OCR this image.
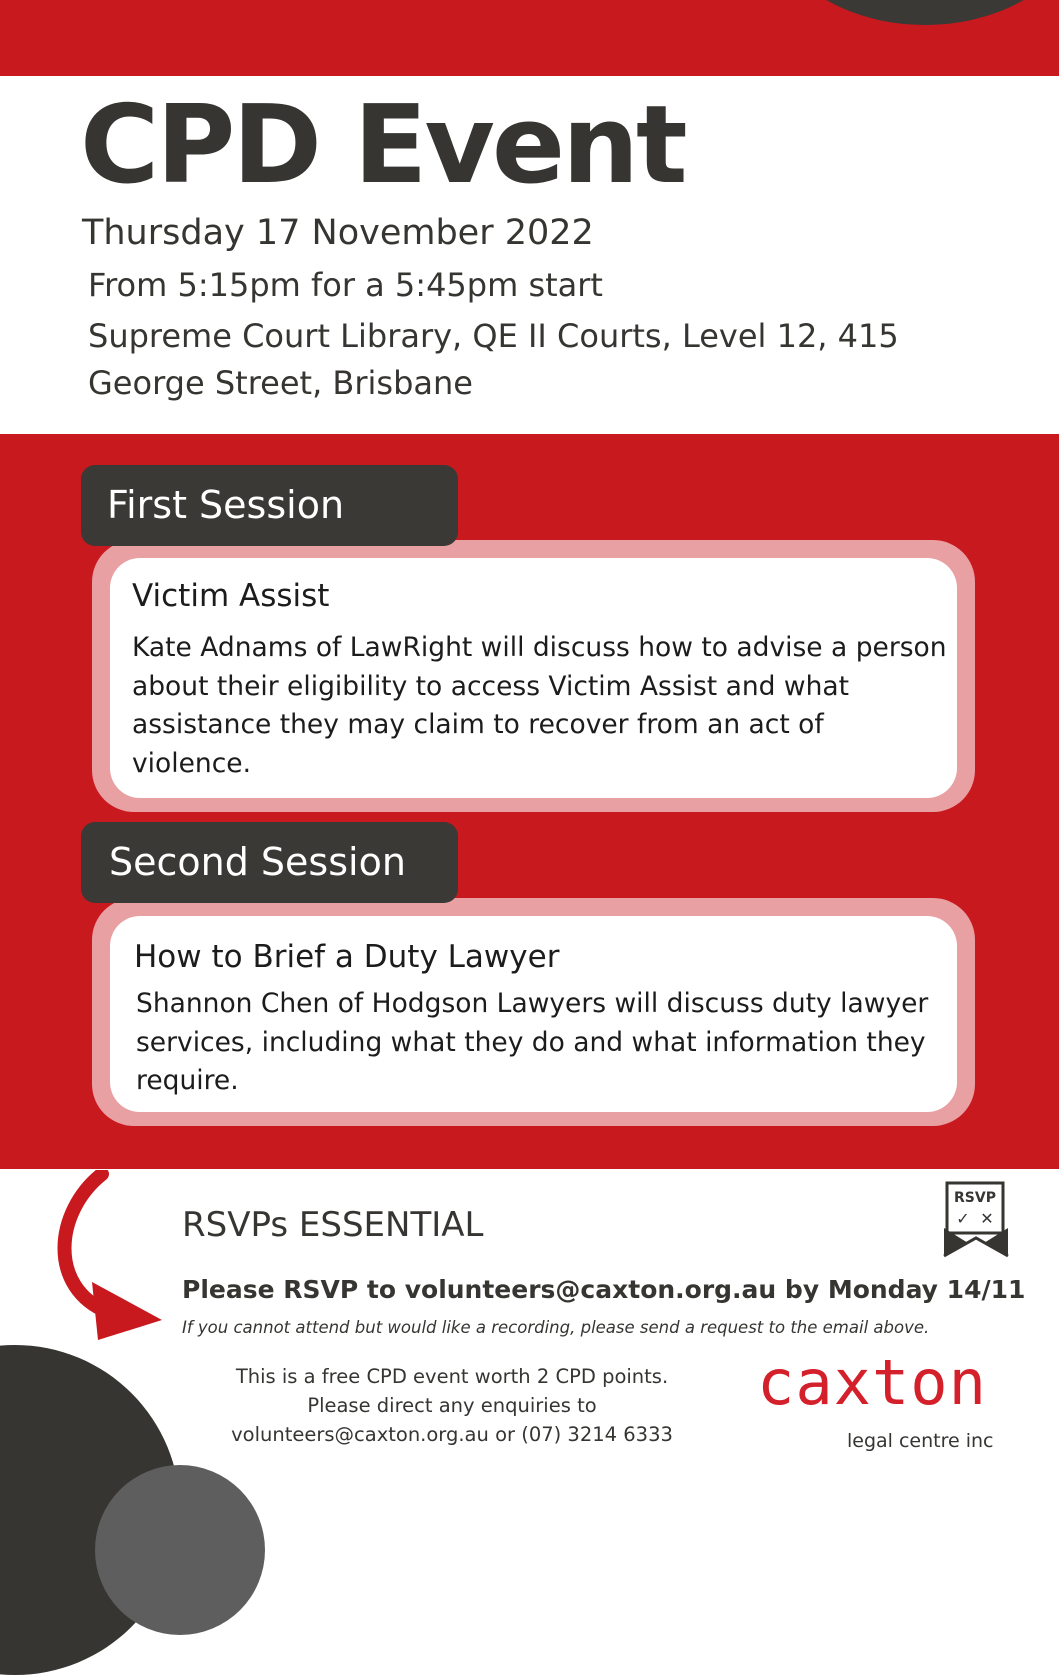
CPD Event
Thursday 17 November 2022
From 5:15pm for a 5:45pm start
Supreme Court Library, QE II Courts, Level 12, 415 George Street, Brisbane
First Session
Victim Assist
Kate Adnams of LawRight will discuss how to advise a person about their eligibility to access Victim Assist and what assistance they may claim to recover from an act of violence.
Second Session
How to Brief a Duty Lawyer
Shannon Chen of Hodgson Lawyers will discuss duty lawyer services, including what they do and what information they require.
RSVPs ESSENTIAL
Please RSVP to volunteers@caxton.org.au by Monday 14/11
If you cannot attend but would like a recording, please send a request to the email above.
RSVP
✓ ✕
This is a free CPD event worth 2 CPD points.
Please direct any enquiries to
volunteers@caxton.org.au or (07) 3214 6333
caxton
legal centre inc
